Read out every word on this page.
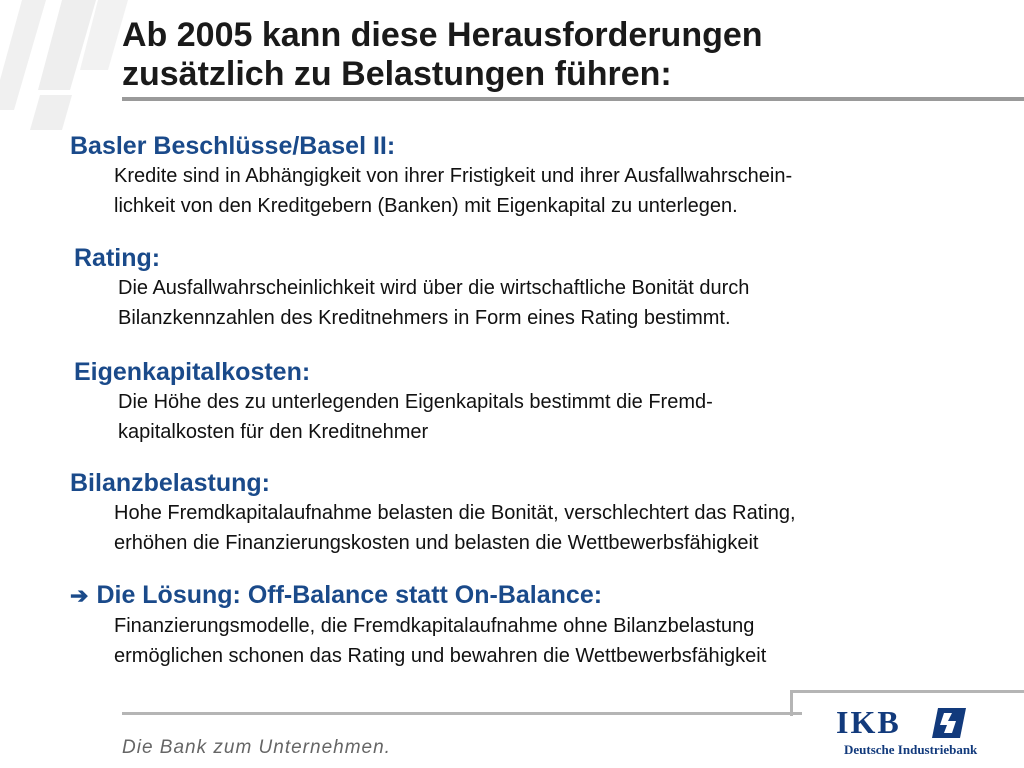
Ab 2005 kann diese Herausforderungen
zusätzlich zu Belastungen führen:
Basler Beschlüsse/Basel II:
Kredite sind in Abhängigkeit von ihrer Fristigkeit und ihrer Ausfallwahrschein-
lichkeit von den Kreditgebern (Banken) mit Eigenkapital zu unterlegen.
Rating:
Die Ausfallwahrscheinlichkeit wird über die wirtschaftliche Bonität durch
Bilanzkennzahlen des Kreditnehmers in Form eines Rating bestimmt.
Eigenkapitalkosten:
Die Höhe des zu unterlegenden Eigenkapitals bestimmt die Fremd-
kapitalkosten für den Kreditnehmer
Bilanzbelastung:
Hohe Fremdkapitalaufnahme belasten die Bonität, verschlechtert das Rating,
erhöhen die Finanzierungskosten und belasten die Wettbewerbsfähigkeit
➔ Die Lösung: Off-Balance statt On-Balance:
Finanzierungsmodelle, die Fremdkapitalaufnahme ohne Bilanzbelastung
ermöglichen schonen das Rating und bewahren die Wettbewerbsfähigkeit
Die Bank zum Unternehmen.
IKB
Deutsche Industriebank
